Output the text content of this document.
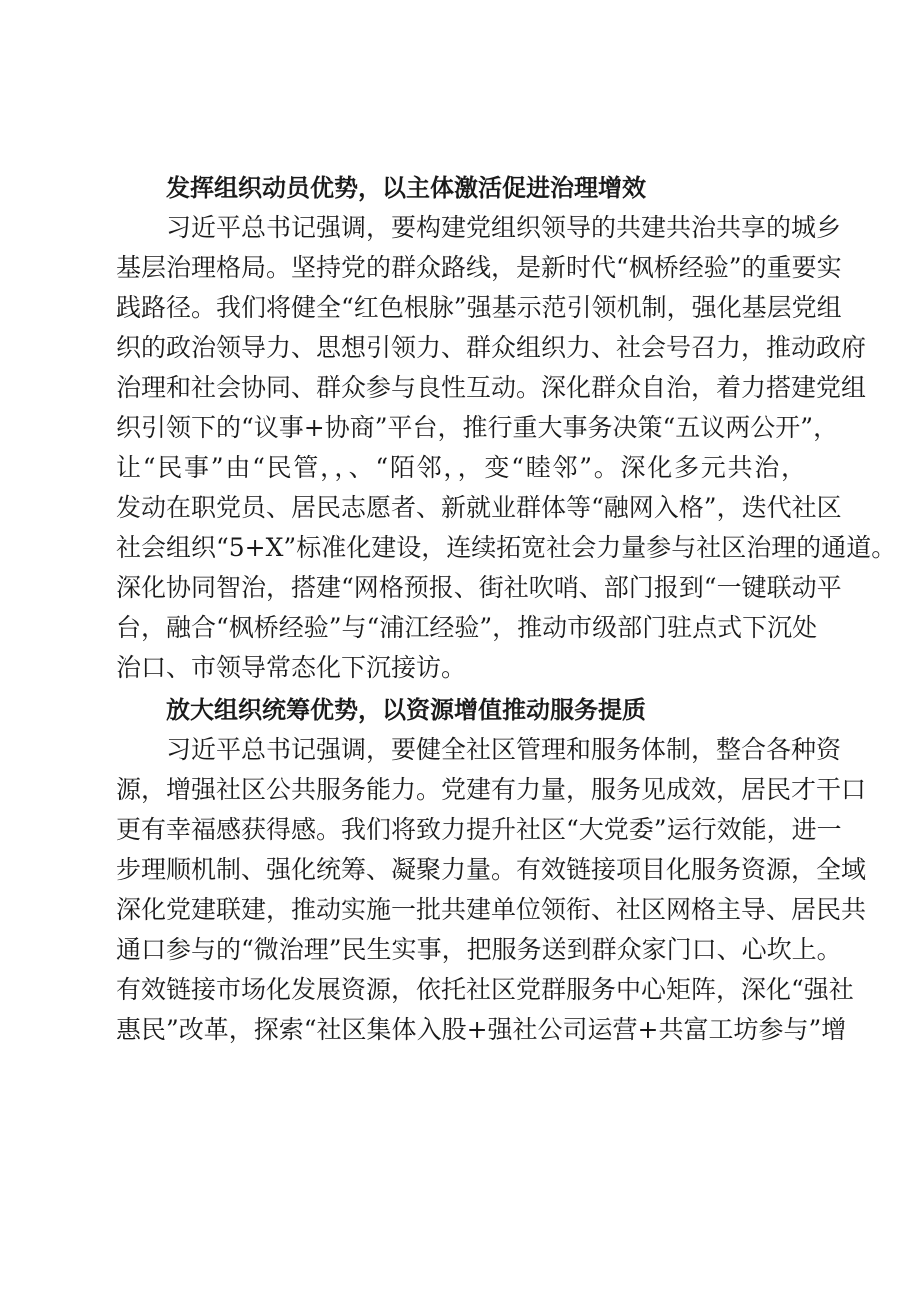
发挥组织动员优势，以主体激活促进治理增效

习近平总书记强调，要构建党组织领导的共建共治共享的城乡
基层治理格局。坚持党的群众路线，是新时代“枫桥经验”的重要实
践路径。我们将健全“红色根脉”强基示范引领机制，强化基层党组
织的政治领导力、思想引领力、群众组织力、社会号召力，推动政府
治理和社会协同、群众参与良性互动。深化群众自治，着力搭建党组
织引领下的“议事+协商”平台，推行重大事务决策“五议两公开”，
让“民事”由“民管，，、“陌邻，，变“睦邻”。深化多元共治，
发动在职党员、居民志愿者、新就业群体等“融网入格”，迭代社区
社会组织“5+X”标准化建设，连续拓宽社会力量参与社区治理的通道。
深化协同智治，搭建“网格预报、街社吹哨、部门报到“一键联动平
台，融合“枫桥经验”与“浦江经验”，推动市级部门驻点式下沉处
治口、市领导常态化下沉接访。

放大组织统筹优势，以资源增值推动服务提质

习近平总书记强调，要健全社区管理和服务体制，整合各种资
源，增强社区公共服务能力。党建有力量，服务见成效，居民才干口
更有幸福感获得感。我们将致力提升社区“大党委”运行效能，进一
步理顺机制、强化统筹、凝聚力量。有效链接项目化服务资源，全域
深化党建联建，推动实施一批共建单位领衔、社区网格主导、居民共
通口参与的“微治理”民生实事，把服务送到群众家门口、心坎上。
有效链接市场化发展资源，依托社区党群服务中心矩阵，深化“强社
惠民”改革，探索“社区集体入股+强社公司运营+共富工坊参与”增
